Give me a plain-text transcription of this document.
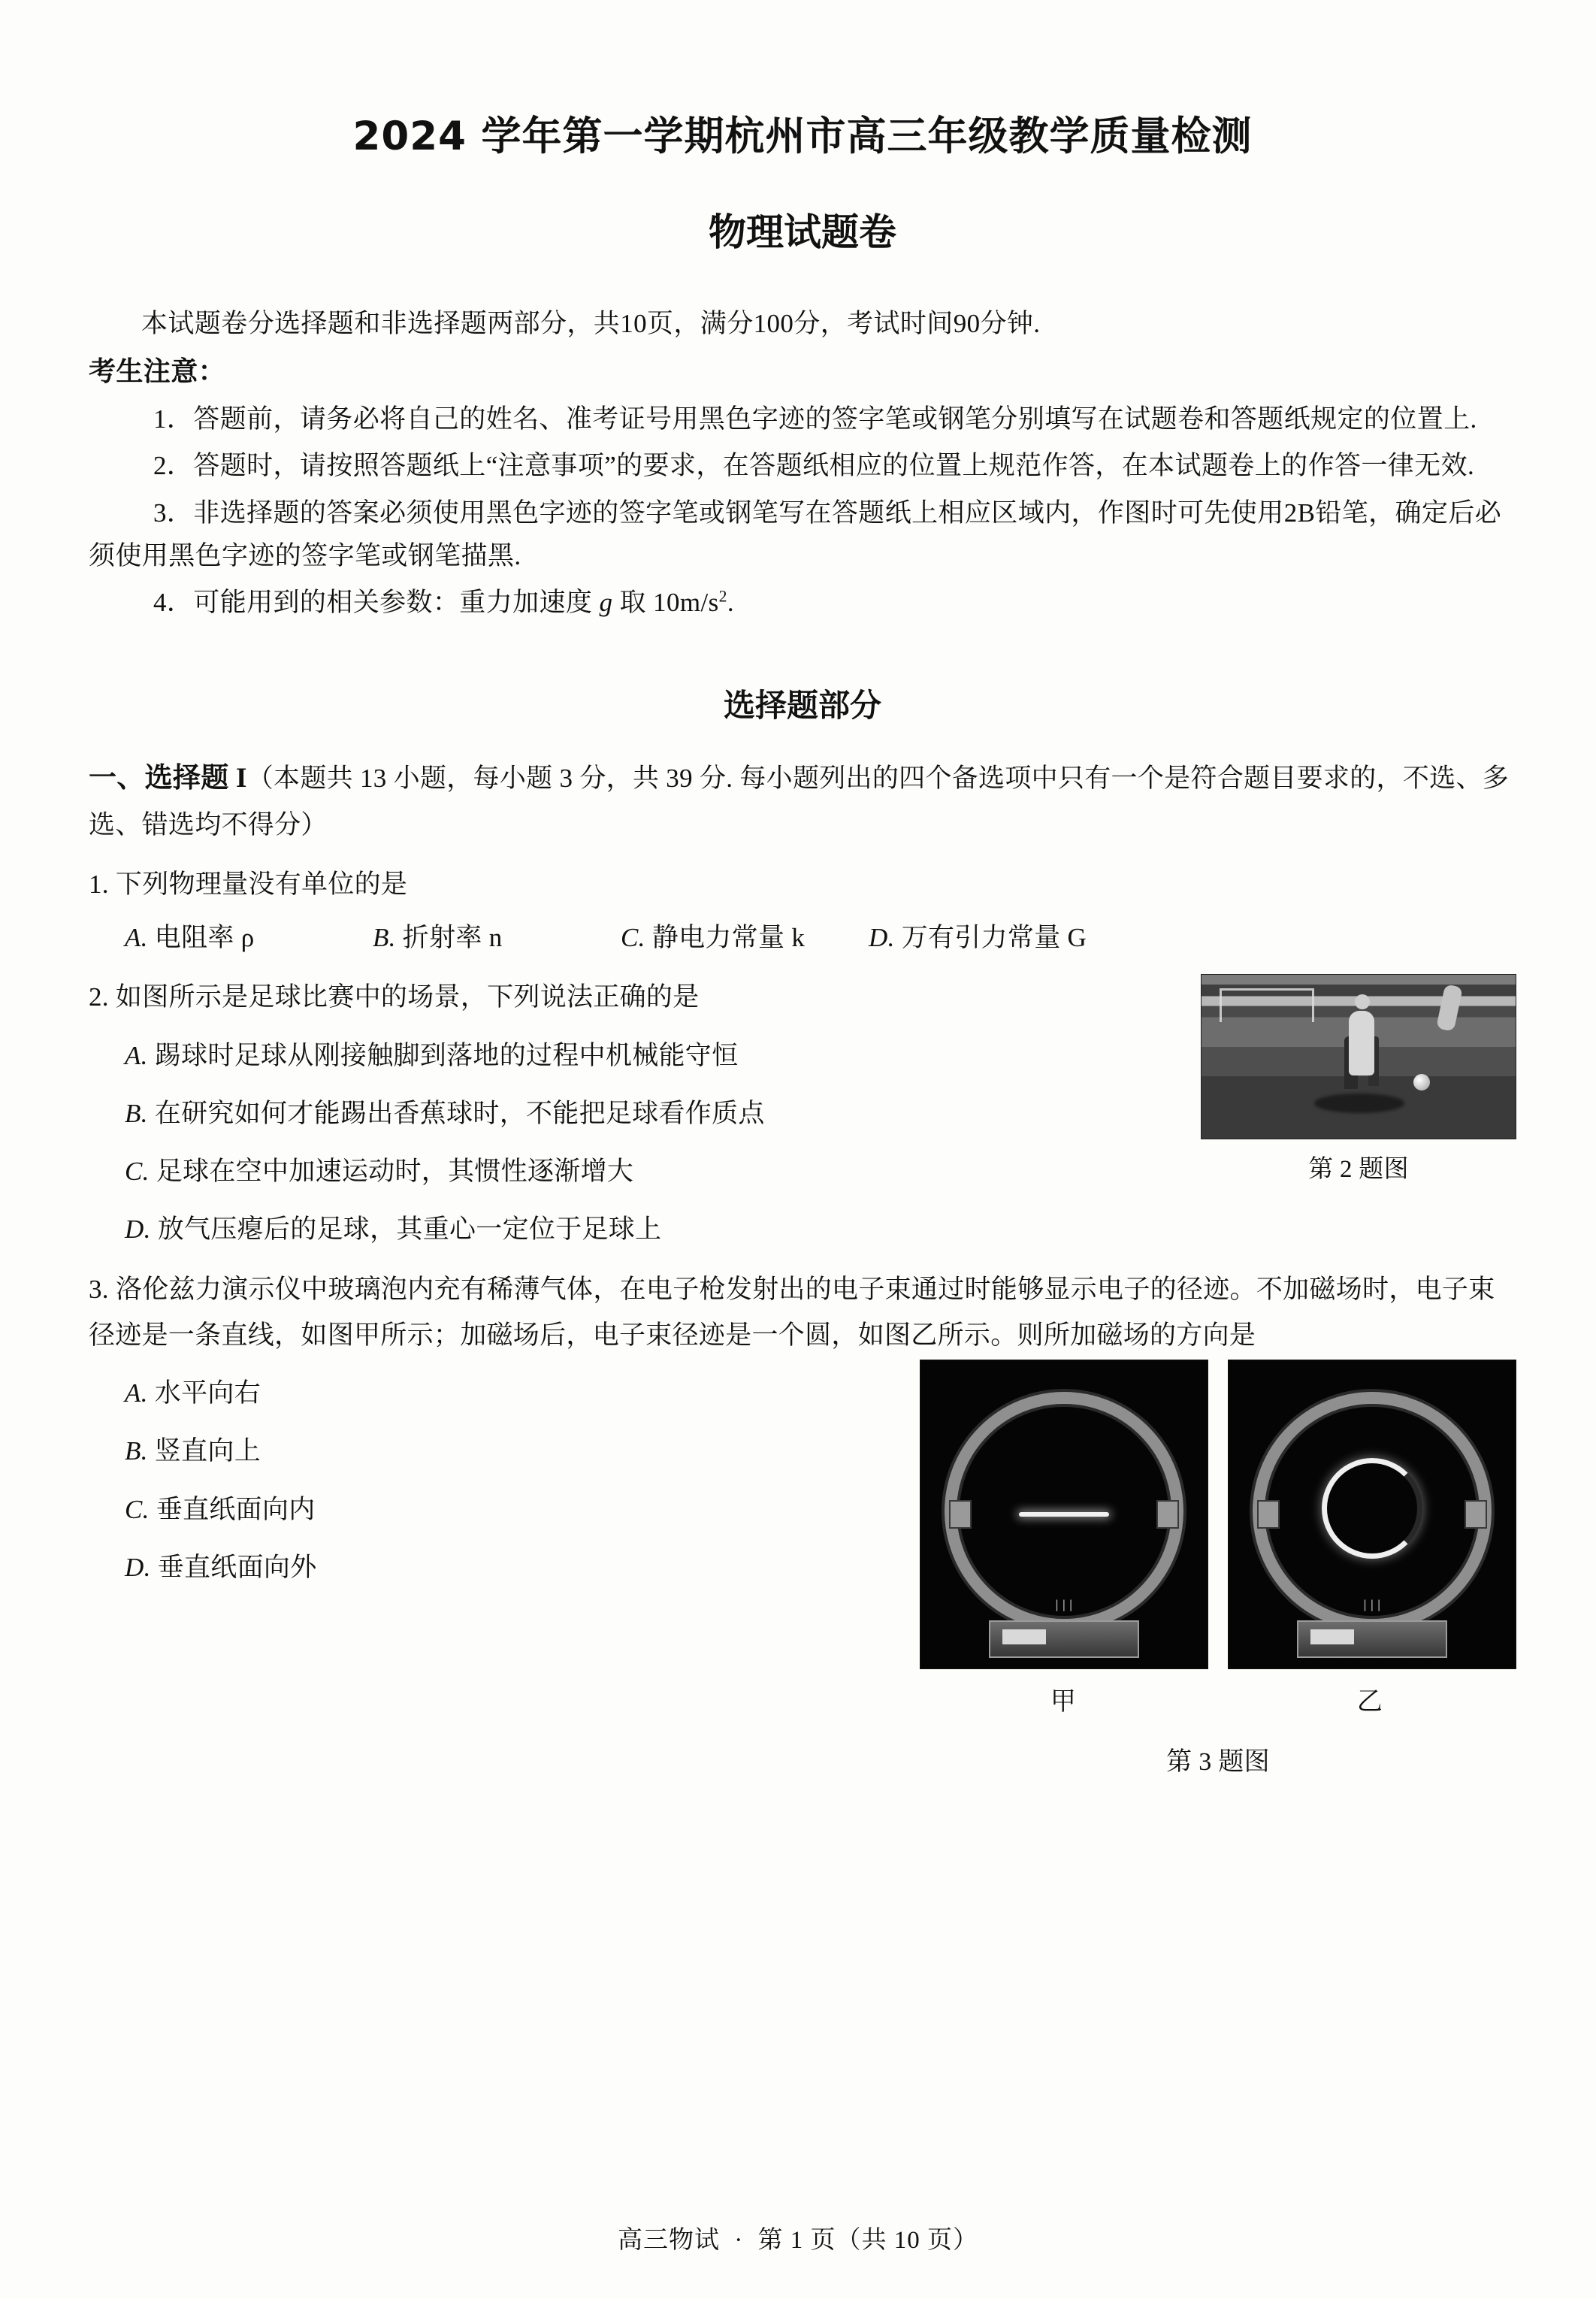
2024 学年第一学期杭州市高三年级教学质量检测
物理试题卷

本试题卷分选择题和非选择题两部分，共10页，满分100分，考试时间90分钟.

考生注意：

1．答题前，请务必将自己的姓名、准考证号用黑色字迹的签字笔或钢笔分别填写在试题卷和答题纸规定的位置上.

2．答题时，请按照答题纸上“注意事项”的要求，在答题纸相应的位置上规范作答，在本试题卷上的作答一律无效.

3．非选择题的答案必须使用黑色字迹的签字笔或钢笔写在答题纸上相应区域内，作图时可先使用2B铅笔，确定后必须使用黑色字迹的签字笔或钢笔描黑.

4．可能用到的相关参数：重力加速度 g 取 $10m/s^2$.

选择题部分
一、选择题 I（本题共 13 小题，每小题 3 分，共 39 分. 每小题列出的四个备选项中只有一个是符合题目要求的，不选、多选、错选均不得分）
1. 下列物理量没有单位的是
A. 电阻率 ρ	B. 折射率 n	C. 静电力常量 k	D. 万有引力常量 G
第 2 题图
2. 如图所示是足球比赛中的场景，下列说法正确的是
A. 踢球时足球从刚接触脚到落地的过程中机械能守恒
B. 在研究如何才能踢出香蕉球时，不能把足球看作质点
C. 足球在空中加速运动时，其惯性逐渐增大
D. 放气压瘪后的足球，其重心一定位于足球上
3. 洛伦兹力演示仪中玻璃泡内充有稀薄气体，在电子枪发射出的电子束通过时能够显示电子的径迹。不加磁场时，电子束径迹是一条直线，如图甲所示；加磁场后，电子束径迹是一个圆，如图乙所示。则所加磁场的方向是
|||	|||
甲	乙
第 3 题图
A. 水平向右
B. 竖直向上
C. 垂直纸面向内
D. 垂直纸面向外
高三物试 · 第 1 页（共 10 页）
